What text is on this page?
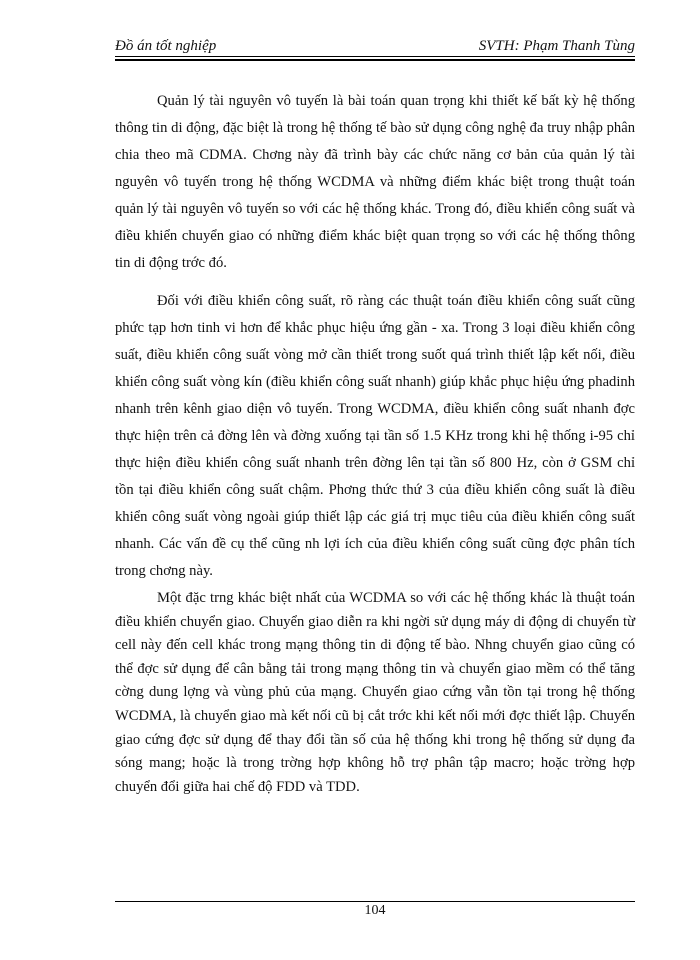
Đồ án tốt nghiệp	SVTH: Phạm Thanh Tùng

Quản lý tài nguyên vô tuyến là bài toán quan trọng khi thiết kế bất kỳ hệ thống thông tin di động, đặc biệt là trong hệ thống tế bào sử dụng công nghệ đa truy nhập phân chia theo mã CDMA. Chơng này đã trình bày các chức năng cơ bản của quản lý tài nguyên vô tuyến trong hệ thống WCDMA và những điểm khác biệt trong thuật toán quản lý tài nguyên vô tuyến so với các hệ thống khác. Trong đó, điều khiển công suất và điều khiển chuyển giao có những điểm khác biệt quan trọng so với các hệ thống thông tin di động trớc đó.

Đối với điều khiển công suất, rõ ràng các thuật toán điều khiển công suất cũng phức tạp hơn tinh vi hơn để khắc phục hiệu ứng gần - xa. Trong 3 loại điều khiển công suất, điều khiển công suất vòng mở cần thiết trong suốt quá trình thiết lập kết nối, điều khiển công suất vòng kín (điều khiển công suất nhanh) giúp khắc phục hiệu ứng phadinh nhanh trên kênh giao diện vô tuyến. Trong WCDMA, điều khiển công suất nhanh đợc thực hiện trên cả đờng lên và đờng xuống tại tần số 1.5 KHz trong khi hệ thống i-95 chỉ thực hiện điều khiển công suất nhanh trên đờng lên tại tần số 800 Hz, còn ở GSM chỉ tồn tại điều khiển công suất chậm. Phơng thức thứ 3 của điều khiển công suất là điều khiển công suất vòng ngoài giúp thiết lập các giá trị mục tiêu của điều khiển công suất nhanh. Các vấn đề cụ thể cũng nh lợi ích của điều khiển công suất cũng đợc phân tích trong chơng này.

Một đặc trng khác biệt nhất của WCDMA so với các hệ thống khác là thuật toán điều khiển chuyển giao. Chuyển giao diễn ra khi ngời sử dụng máy di động di chuyển từ cell này đến cell khác trong mạng thông tin di động tế bào. Nhng chuyển giao cũng có thể đợc sử dụng để cân bằng tải trong mạng thông tin và chuyển giao mềm có thể tăng cờng dung lợng và vùng phủ của mạng. Chuyển giao cứng vẫn tồn tại trong hệ thống WCDMA, là chuyển giao mà kết nối cũ bị cắt trớc khi kết nối mới đợc thiết lập. Chuyển giao cứng đợc sử dụng để thay đổi tần số của hệ thống khi trong hệ thống sử dụng đa sóng mang; hoặc là trong trờng hợp không hỗ trợ phân tập macro; hoặc trờng hợp chuyển đổi giữa hai chế độ FDD và TDD.

104
